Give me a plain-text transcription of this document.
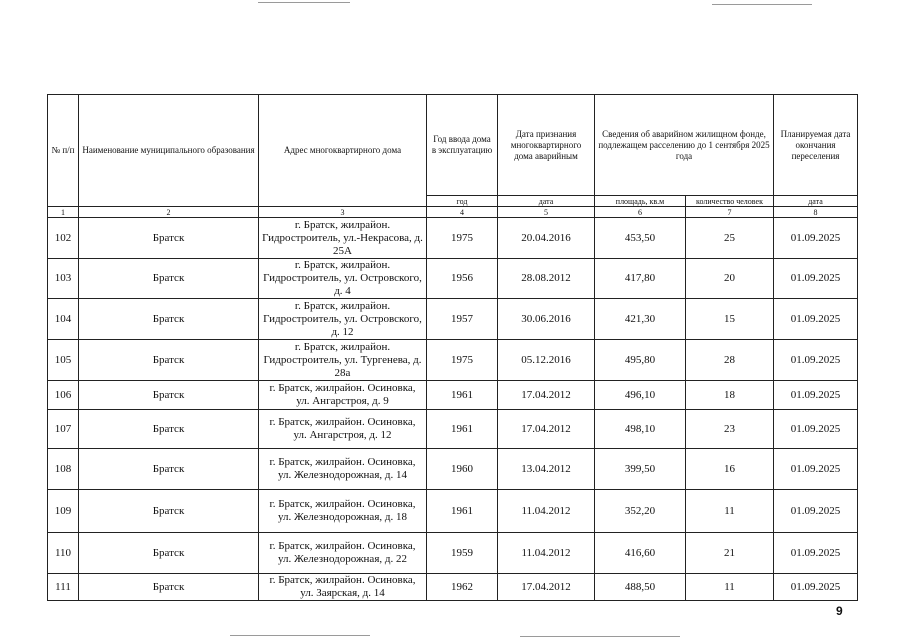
№ п/п	Наименование муниципального образования	Адрес многоквартирного дома	Год ввода дома в эксплуатацию	Дата признания многоквартирного дома аварийным	Сведения об аварийном жилищном фонде, подлежащем расселению до 1 сентября 2025 года		Планируемая дата окончания переселения
			год	дата	площадь, кв.м	количество человек	дата
1	2	3	4	5	6	7	8
102	Братск	г. Братск, жилрайон. Гидростроитель, ул.-Некрасова, д. 25А	1975	20.04.2016	453,50	25	01.09.2025
103	Братск	г. Братск, жилрайон. Гидростроитель, ул. Островского, д. 4	1956	28.08.2012	417,80	20	01.09.2025
104	Братск	г. Братск, жилрайон. Гидростроитель, ул. Островского, д. 12	1957	30.06.2016	421,30	15	01.09.2025
105	Братск	г. Братск, жилрайон. Гидростроитель, ул. Тургенева, д. 28а	1975	05.12.2016	495,80	28	01.09.2025
106	Братск	г. Братск, жилрайон. Осиновка, ул. Ангарстроя, д. 9	1961	17.04.2012	496,10	18	01.09.2025
107	Братск	г. Братск, жилрайон. Осиновка, ул. Ангарстроя, д. 12	1961	17.04.2012	498,10	23	01.09.2025
108	Братск	г. Братск, жилрайон. Осиновка, ул. Железнодорожная, д. 14	1960	13.04.2012	399,50	16	01.09.2025
109	Братск	г. Братск, жилрайон. Осиновка, ул. Железнодорожная, д. 18	1961	11.04.2012	352,20	11	01.09.2025
110	Братск	г. Братск, жилрайон. Осиновка, ул. Железнодорожная, д. 22	1959	11.04.2012	416,60	21	01.09.2025
111	Братск	г. Братск, жилрайон. Осиновка, ул. Заярская, д. 14	1962	17.04.2012	488,50	11	01.09.2025
9
